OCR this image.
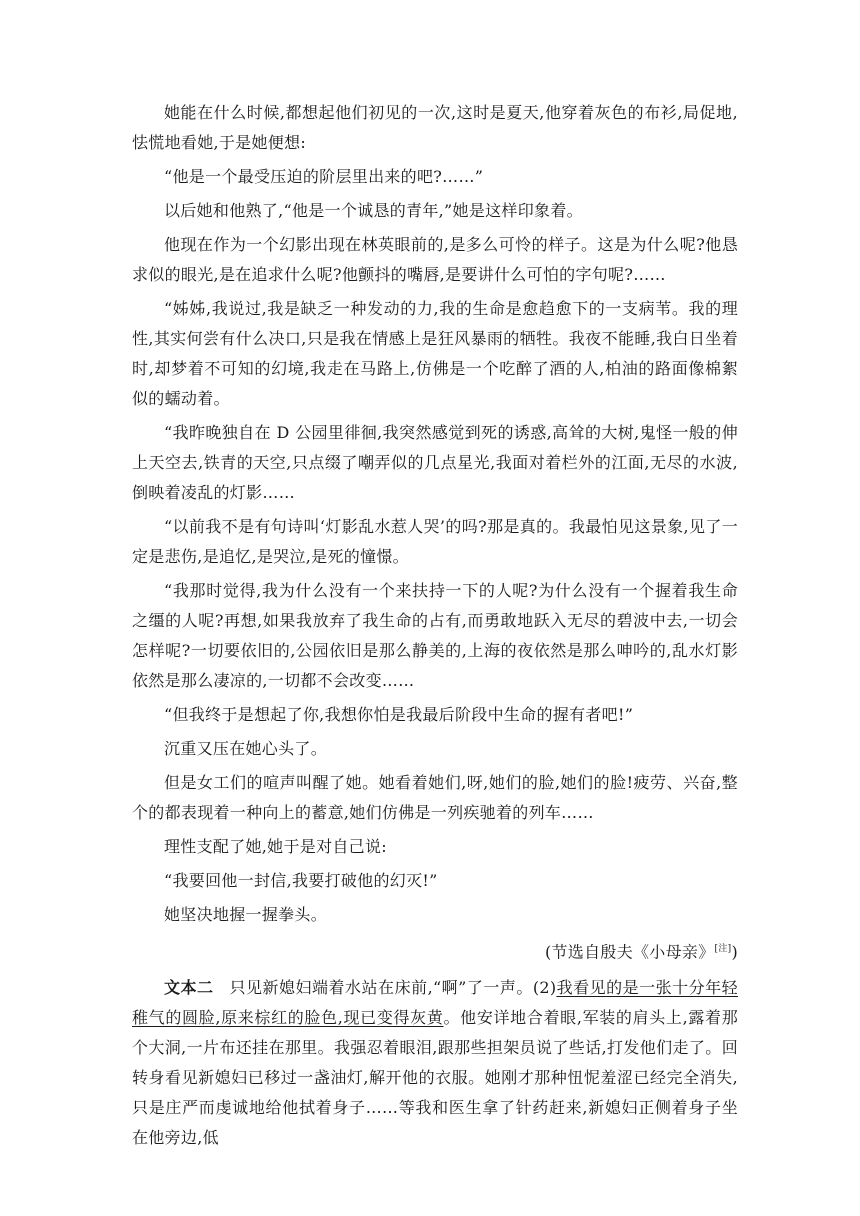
她能在什么时候,都想起他们初见的一次,这时是夏天,他穿着灰色的布衫,局促地,怯慌地看她,于是她便想:

“他是一个最受压迫的阶层里出来的吧?……”

以后她和他熟了,“他是一个诚恳的青年,”她是这样印象着。

他现在作为一个幻影出现在林英眼前的,是多么可怜的样子。这是为什么呢?他恳求似的眼光,是在追求什么呢?他颤抖的嘴唇,是要讲什么可怕的字句呢?……

“姊姊,我说过,我是缺乏一种发动的力,我的生命是愈趋愈下的一支病苇。我的理性,其实何尝有什么决口,只是我在情感上是狂风暴雨的牺牲。我夜不能睡,我白日坐着时,却梦着不可知的幻境,我走在马路上,仿佛是一个吃醉了酒的人,柏油的路面像棉絮似的蠕动着。

“我昨晚独自在 D 公园里徘徊,我突然感觉到死的诱惑,高耸的大树,鬼怪一般的伸上天空去,铁青的天空,只点缀了嘲弄似的几点星光,我面对着栏外的江面,无尽的水波,倒映着凌乱的灯影……

“以前我不是有句诗叫‘灯影乱水惹人哭’的吗?那是真的。我最怕见这景象,见了一定是悲伤,是追忆,是哭泣,是死的憧憬。

“我那时觉得,我为什么没有一个来扶持一下的人呢?为什么没有一个握着我生命之缰的人呢?再想,如果我放弃了我生命的占有,而勇敢地跃入无尽的碧波中去,一切会怎样呢?一切要依旧的,公园依旧是那么静美的,上海的夜依然是那么呻吟的,乱水灯影依然是那么凄凉的,一切都不会改变……

“但我终于是想起了你,我想你怕是我最后阶段中生命的握有者吧!”

沉重又压在她心头了。

但是女工们的喧声叫醒了她。她看着她们,呀,她们的脸,她们的脸!疲劳、兴奋,整个的都表现着一种向上的蓄意,她们仿佛是一列疾驰着的列车……

理性支配了她,她于是对自己说:

“我要回他一封信,我要打破他的幻灭!”

她坚决地握一握拳头。

(节选自殷夫《小母亲》[注])

文本二 只见新媳妇端着水站在床前,“啊”了一声。(2)我看见的是一张十分年轻稚气的圆脸,原来棕红的脸色,现已变得灰黄。他安详地合着眼,军装的肩头上,露着那个大洞,一片布还挂在那里。我强忍着眼泪,跟那些担架员说了些话,打发他们走了。回转身看见新媳妇已移过一盏油灯,解开他的衣服。她刚才那种忸怩羞涩已经完全消失,只是庄严而虔诚地给他拭着身子……等我和医生拿了针药赶来,新媳妇正侧着身子坐在他旁边,低
